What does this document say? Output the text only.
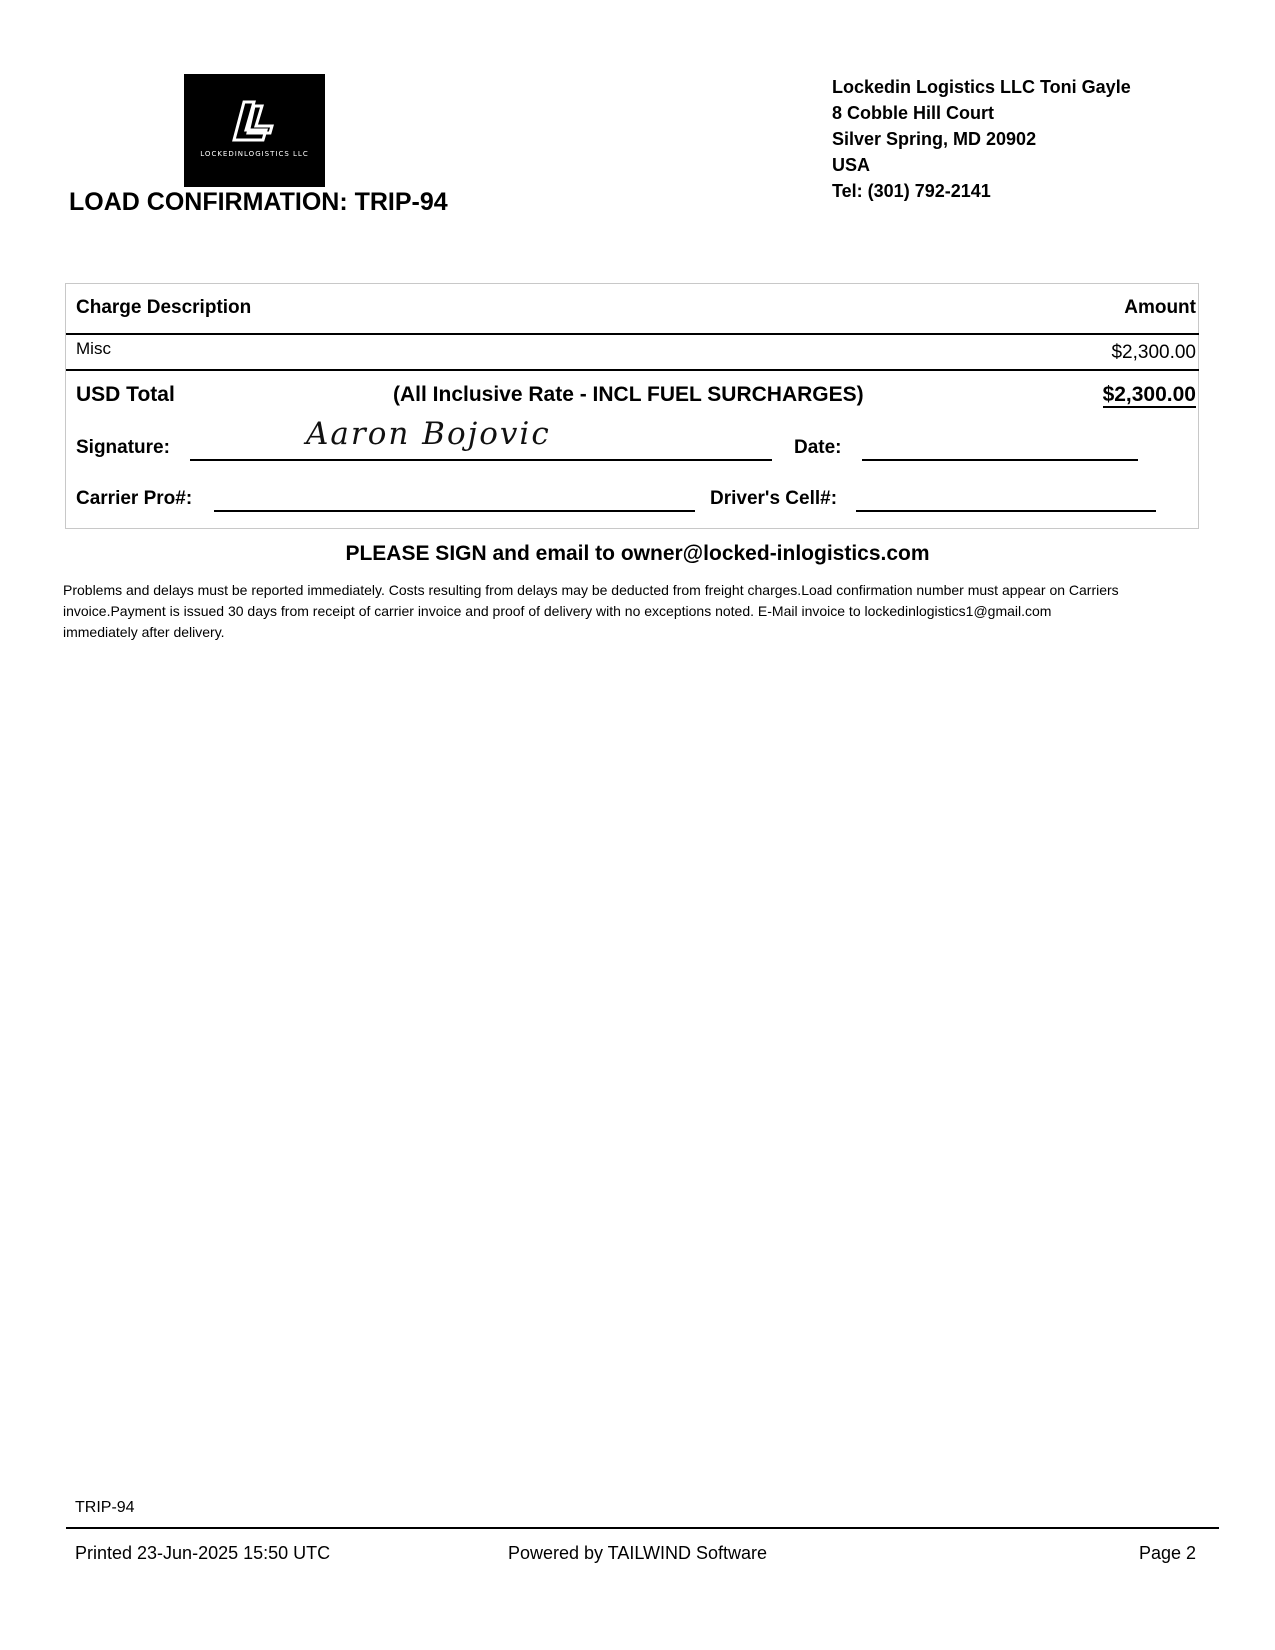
LOCKEDINLOGISTICS LLC
Lockedin Logistics LLC Toni Gayle
8 Cobble Hill Court
Silver Spring, MD 20902
USA
Tel: (301) 792-2141
LOAD CONFIRMATION: TRIP-94
Charge Description	Amount
Misc	$2,300.00
USD Total	(All Inclusive Rate - INCL FUEL SURCHARGES)	$2,300.00
Signature:	Aaron Bojovic	Date:
Carrier Pro#:	Driver's Cell#:
PLEASE SIGN and email to owner@locked-inlogistics.com
Problems and delays must be reported immediately. Costs resulting from delays may be deducted from freight charges.Load confirmation number must appear on Carriers
invoice.Payment is issued 30 days from receipt of carrier invoice and proof of delivery with no exceptions noted. E-Mail invoice to lockedinlogistics1@gmail.com
immediately after delivery.
TRIP-94
Printed 23-Jun-2025 15:50 UTC	Powered by TAILWIND Software	Page 2
